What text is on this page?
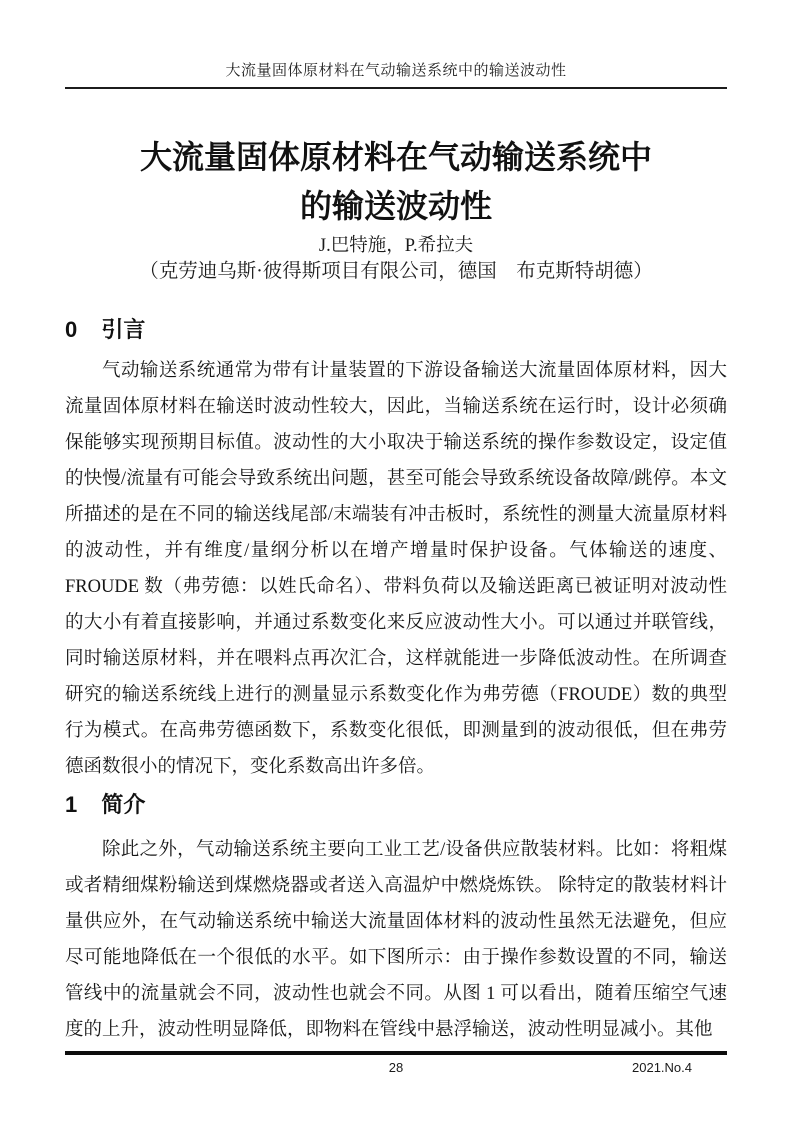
大流量固体原材料在气动输送系统中的输送波动性
大流量固体原材料在气动输送系统中
的输送波动性
J.巴特施，P.希拉夫
（克劳迪乌斯·彼得斯项目有限公司，德国　布克斯特胡德）
0 引言
气动输送系统通常为带有计量装置的下游设备输送大流量固体原材料，因大
流量固体原材料在输送时波动性较大，因此，当输送系统在运行时，设计必须确
保能够实现预期目标值。波动性的大小取决于输送系统的操作参数设定，设定值
的快慢/流量有可能会导致系统出问题，甚至可能会导致系统设备故障/跳停。本文
所描述的是在不同的输送线尾部/末端装有冲击板时，系统性的测量大流量原材料
的波动性，并有维度/量纲分析以在增产增量时保护设备。气体输送的速度、
FROUDE 数（弗劳德：以姓氏命名）、带料负荷以及输送距离已被证明对波动性
的大小有着直接影响，并通过系数变化来反应波动性大小。可以通过并联管线，
同时输送原材料，并在喂料点再次汇合，这样就能进一步降低波动性。在所调查
研究的输送系统线上进行的测量显示系数变化作为弗劳德（FROUDE）数的典型
行为模式。在高弗劳德函数下，系数变化很低，即测量到的波动很低，但在弗劳
德函数很小的情况下，变化系数高出许多倍。
1 简介
除此之外，气动输送系统主要向工业工艺/设备供应散装材料。比如：将粗煤
或者精细煤粉输送到煤燃烧器或者送入高温炉中燃烧炼铁。 除特定的散装材料计
量供应外，在气动输送系统中输送大流量固体材料的波动性虽然无法避免，但应
尽可能地降低在一个很低的水平。如下图所示：由于操作参数设置的不同，输送
管线中的流量就会不同，波动性也就会不同。从图 1 可以看出，随着压缩空气速
度的上升，波动性明显降低，即物料在管线中悬浮输送，波动性明显减小。其他
28	2021.No.4
